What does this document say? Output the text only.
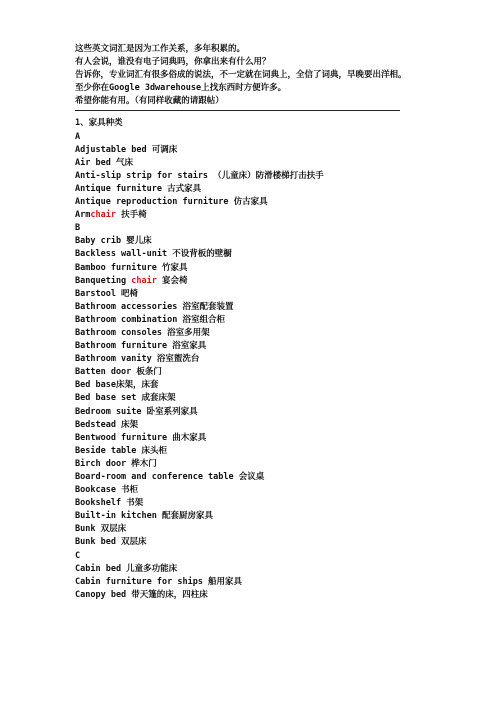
这些英文词汇是因为工作关系，多年积累的。
有人会说，谁没有电子词典吗，你拿出来有什么用？
告诉你，专业词汇有很多俗成的说法，不一定就在词典上，全信了词典，早晚要出洋相。
至少你在Google 3dwarehouse上找东西时方便许多。
希望你能有用。（有同样收藏的请跟帖）
1、家具种类
A
Adjustable bed 可调床
Air bed 气床
Anti-slip strip for stairs （儿童床）防滑楼梯打击扶手
Antique furniture 古式家具
Antique reproduction furniture 仿古家具
Armchair 扶手椅
B
Baby crib 婴儿床
Backless wall-unit 不设背板的壁橱
Bamboo furniture 竹家具
Banqueting chair 宴会椅
Barstool 吧椅
Bathroom accessories 浴室配套装置
Bathroom combination 浴室组合柜
Bathroom consoles 浴室多用架
Bathroom furniture 浴室家具
Bathroom vanity 浴室盥洗台
Batten door 板条门
Bed base床架，床套
Bed base set 成套床架
Bedroom suite 卧室系列家具
Bedstead 床架
Bentwood furniture 曲木家具
Beside table 床头柜
Birch door 桦木门
Board-room and conference table 会议桌
Bookcase 书柜
Bookshelf 书架
Built-in kitchen 配套厨房家具
Bunk 双层床
Bunk bed 双层床
C
Cabin bed 儿童多功能床
Cabin furniture for ships 船用家具
Canopy bed 带天篷的床，四柱床
